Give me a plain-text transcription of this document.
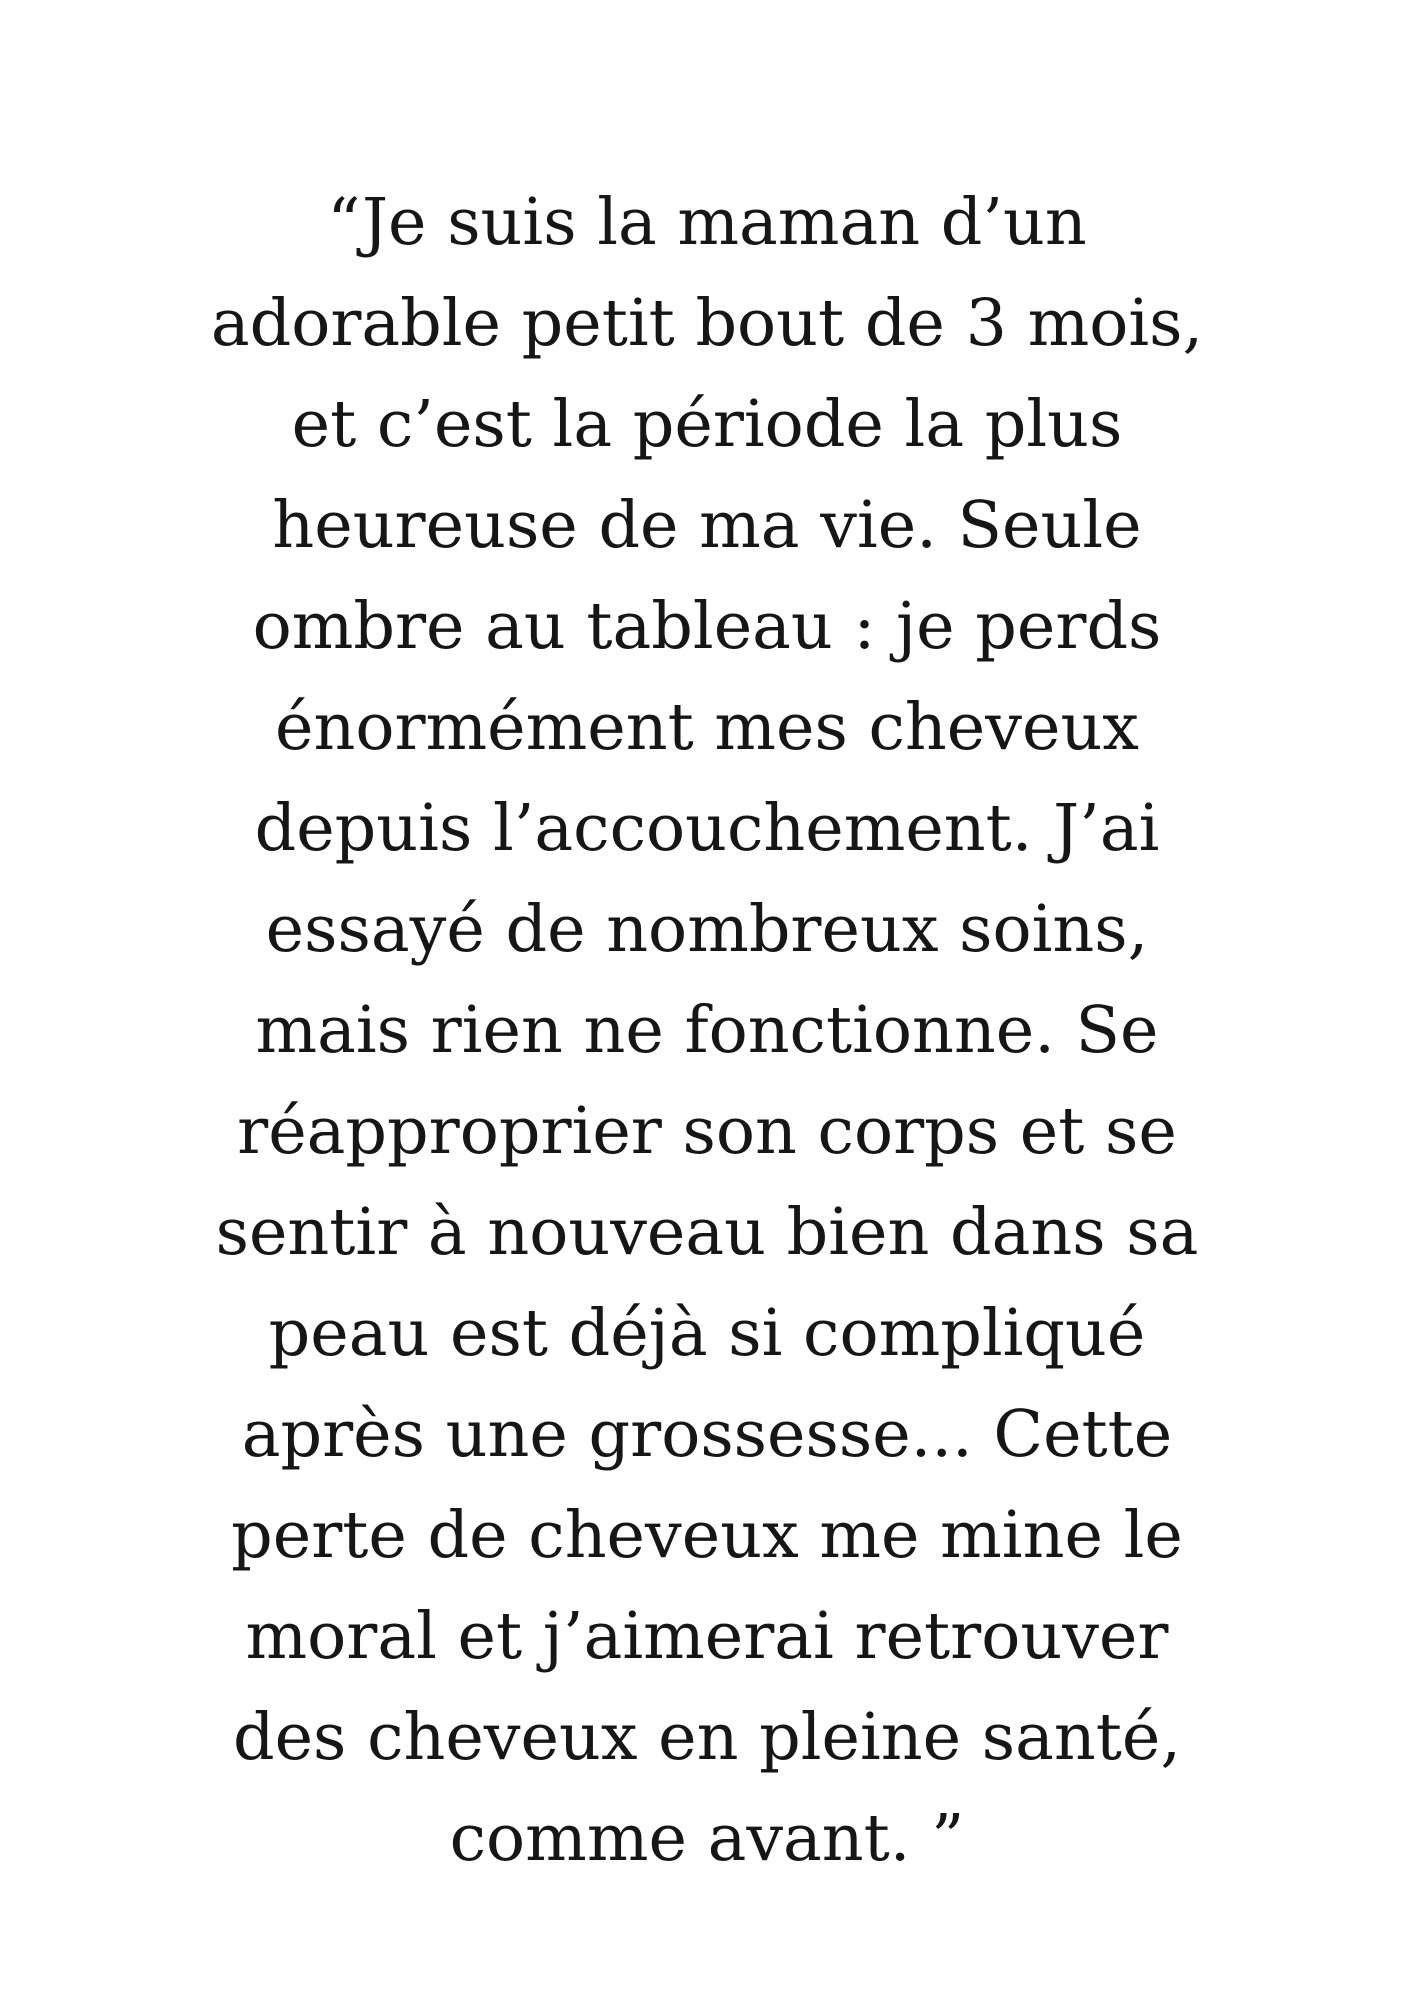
“Je suis la maman d’un
adorable petit bout de 3 mois,
et c’est la période la plus
heureuse de ma vie. Seule
ombre au tableau : je perds
énormément mes cheveux
depuis l’accouchement. J’ai
essayé de nombreux soins,
mais rien ne fonctionne. Se
réapproprier son corps et se
sentir à nouveau bien dans sa
peau est déjà si compliqué
après une grossesse... Cette
perte de cheveux me mine le
moral et j’aimerai retrouver
des cheveux en pleine santé,
comme avant. ”
